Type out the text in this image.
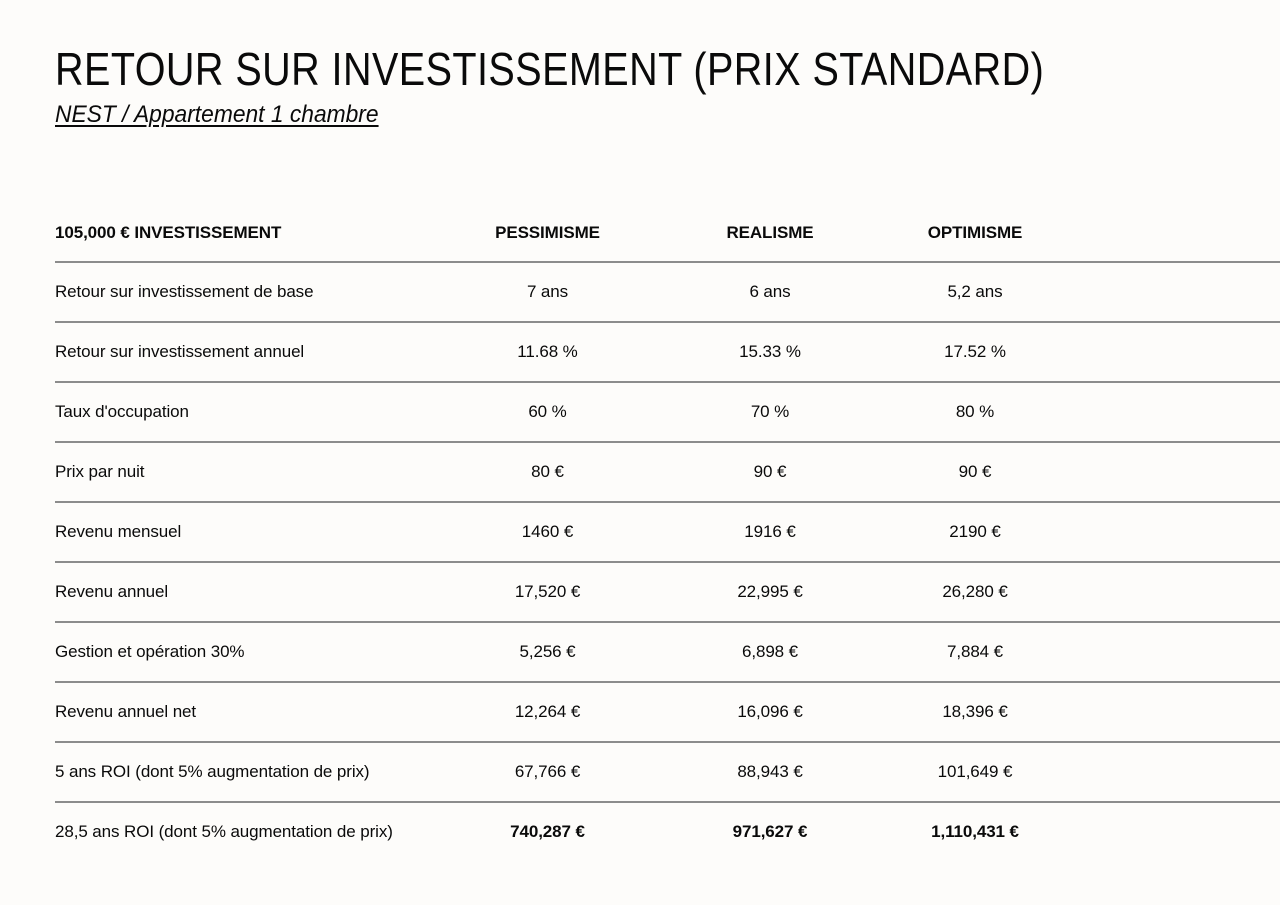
RETOUR SUR INVESTISSEMENT (PRIX STANDARD)
NEST / Appartement 1 chambre
105,000 € INVESTISSEMENT	PESSIMISME	REALISME	OPTIMISME	
Retour sur investissement de base	7 ans	6 ans	5,2 ans	
Retour sur investissement annuel	11.68 %	15.33 %	17.52 %	
Taux d'occupation	60 %	70 %	80 %	
Prix par nuit	80 €	90 €	90 €	
Revenu mensuel	1460 €	1916 €	2190 €	
Revenu annuel	17,520 €	22,995 €	26,280 €	
Gestion et opération 30%	5,256 €	6,898 €	7,884 €	
Revenu annuel net	12,264 €	16,096 €	18,396 €	
5 ans ROI (dont 5% augmentation de prix)	67,766 €	88,943 €	101,649 €	
28,5 ans ROI (dont 5% augmentation de prix)	740,287 €	971,627 €	1,110,431 €	
